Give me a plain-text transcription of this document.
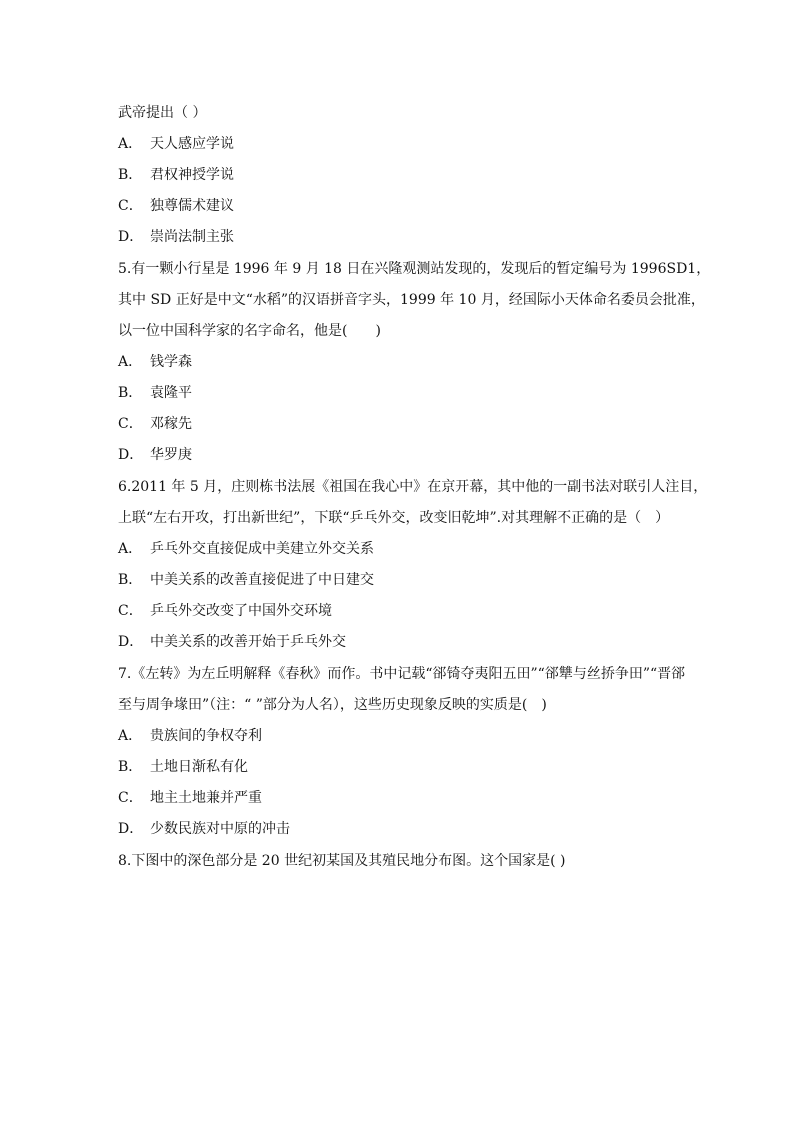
武帝提出（ ）
A． 天人感应学说
B． 君权神授学说
C． 独尊儒术建议
D． 崇尚法制主张
5.有一颗小行星是 1996 年 9 月 18 日在兴隆观测站发现的，发现后的暂定编号为 1996SD1，
其中 SD 正好是中文“水稻”的汉语拼音字头，1999 年 10 月，经国际小天体命名委员会批准，
以一位中国科学家的名字命名，他是(　　)
A． 钱学森
B． 袁隆平
C． 邓稼先
D． 华罗庚
6.2011 年 5 月，庄则栋书法展《祖国在我心中》在京开幕，其中他的一副书法对联引人注目，
上联“左右开攻，打出新世纪”，下联“乒乓外交，改变旧乾坤”.对其理解不正确的是（　）
A． 乒乓外交直接促成中美建立外交关系
B． 中美关系的改善直接促进了中日建交
C． 乒乓外交改变了中国外交环境
D． 中美关系的改善开始于乒乓外交
7.《左转》为左丘明解释《春秋》而作。书中记载“郤锜夺夷阳五田”“郤犨与丝挢争田”“晋郤
至与周争堟田”（注：“ ”部分为人名），这些历史现象反映的实质是(　)
A． 贵族间的争权夺利
B． 土地日渐私有化
C． 地主土地兼并严重
D． 少数民族对中原的冲击
8.下图中的深色部分是 20 世纪初某国及其殖民地分布图。这个国家是( )
